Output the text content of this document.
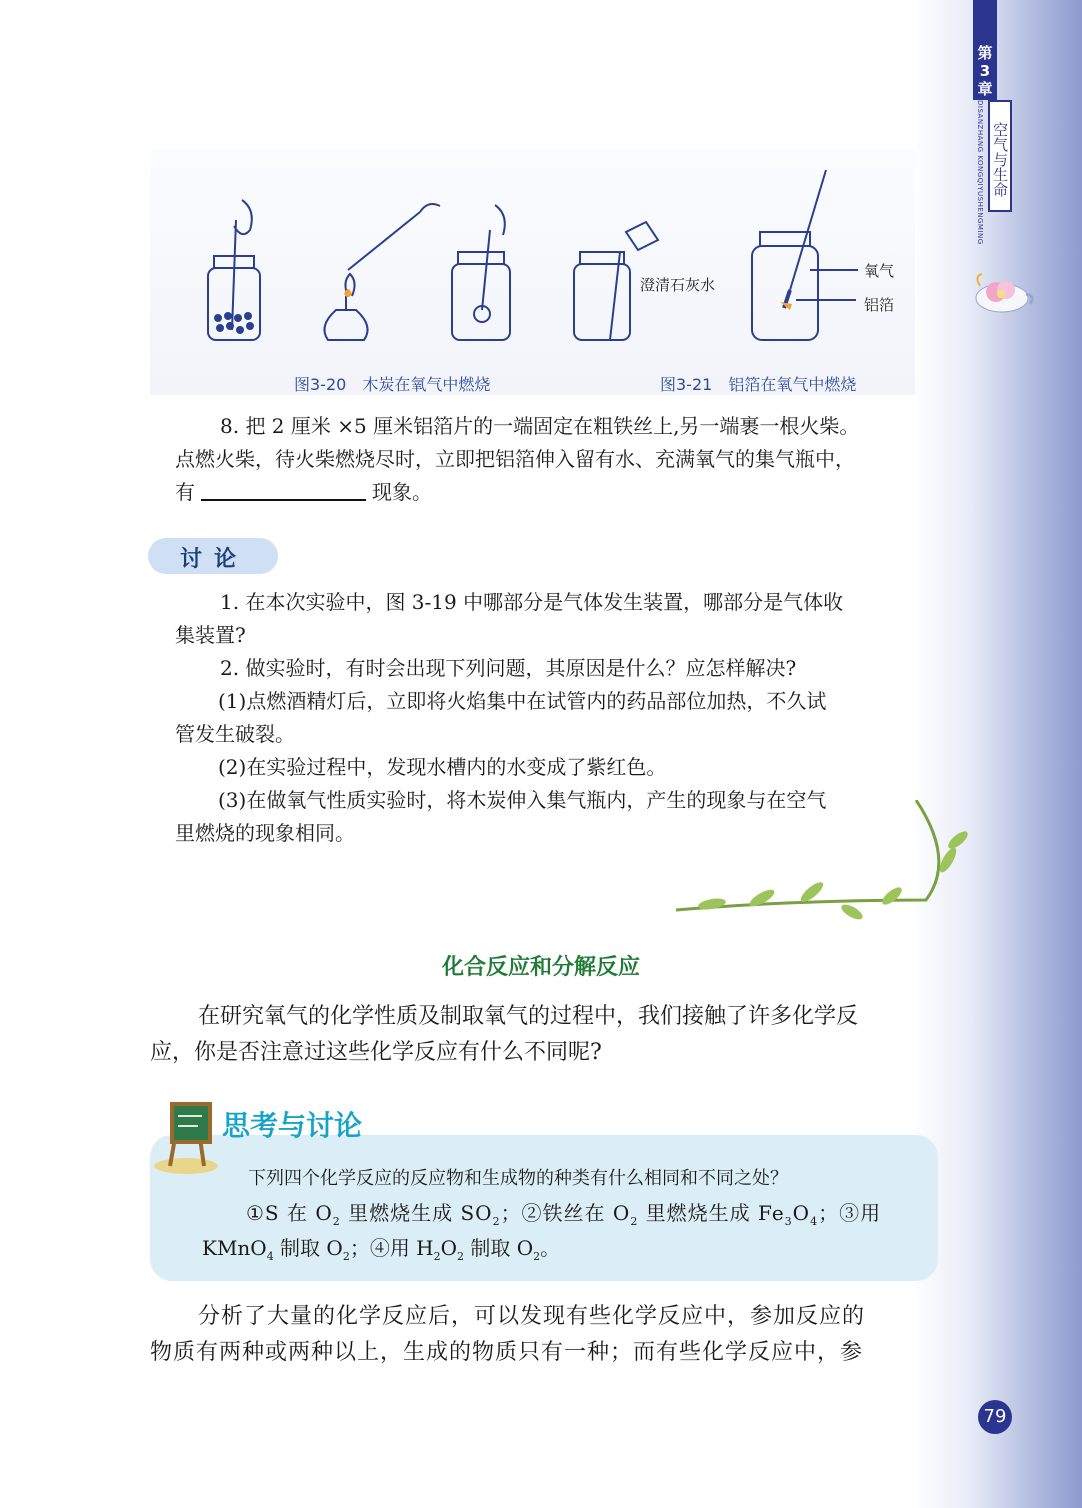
第3章
DISANZHANG KONGQIYUSHENGMING 空气与生命
澄清石灰水
氧气
铝箔
图3-20　木炭在氧气中燃烧	图3-21　铝箔在氧气中燃烧
8. 把 2 厘米 ×5 厘米铝箔片的一端固定在粗铁丝上,另一端裹一根火柴。
点燃火柴，待火柴燃烧尽时，立即把铝箔伸入留有水、充满氧气的集气瓶中，
有	现象。
讨论
1. 在本次实验中，图 3-19 中哪部分是气体发生装置，哪部分是气体收
集装置?
2. 做实验时，有时会出现下列问题，其原因是什么？应怎样解决?
(1)点燃酒精灯后，立即将火焰集中在试管内的药品部位加热，不久试
管发生破裂。
(2)在实验过程中，发现水槽内的水变成了紫红色。
(3)在做氧气性质实验时，将木炭伸入集气瓶内，产生的现象与在空气
里燃烧的现象相同。
化合反应和分解反应
在研究氧气的化学性质及制取氧气的过程中，我们接触了许多化学反
应，你是否注意过这些化学反应有什么不同呢?
思考与讨论
下列四个化学反应的反应物和生成物的种类有什么相同和不同之处？
①S 在 $O_2$ 里燃烧生成 $SO_2$；②铁丝在 $O_2$ 里燃烧生成 $Fe_3O_4$；③用
KMnO$_4$ 制取 $O_2$；④用 $H_2O_2$ 制取 $O_2$。
分析了大量的化学反应后，可以发现有些化学反应中，参加反应的
物质有两种或两种以上，生成的物质只有一种；而有些化学反应中，参
79
